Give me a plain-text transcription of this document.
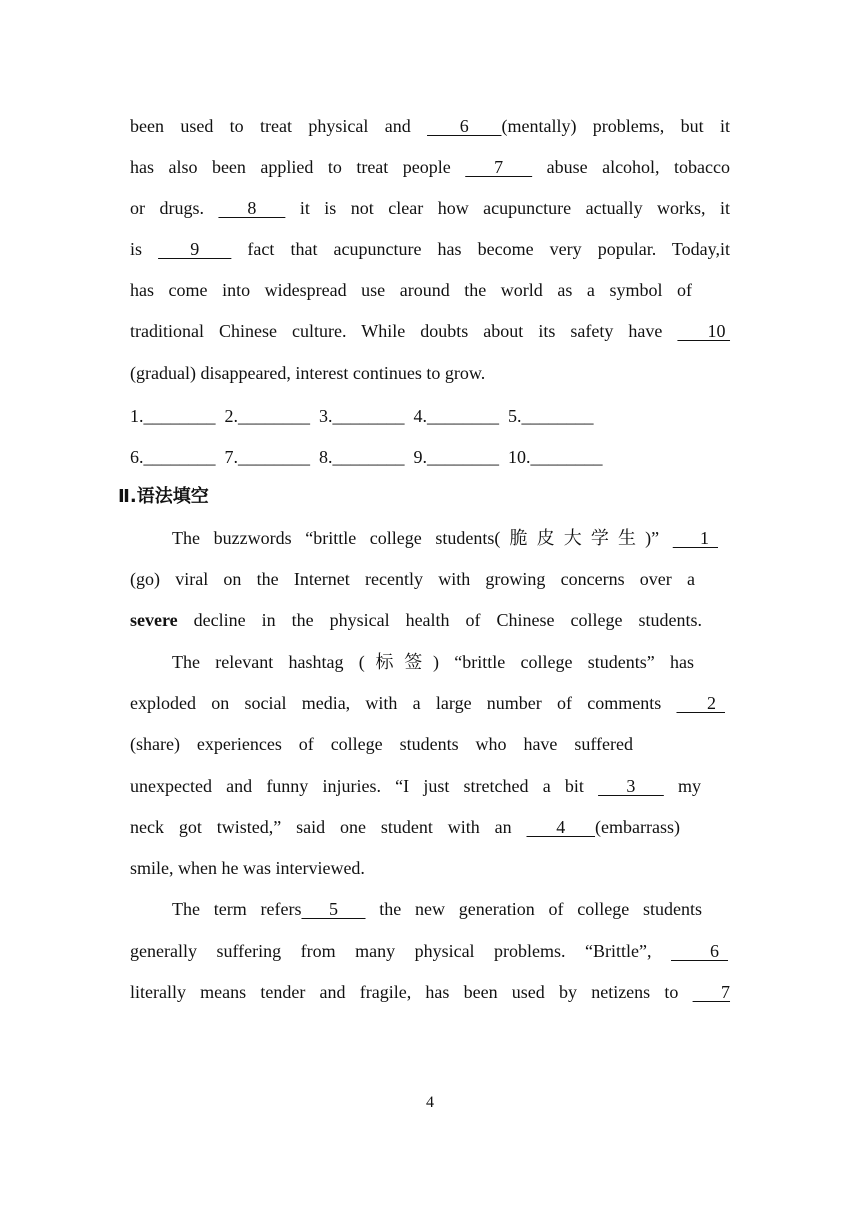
been used to treat physical and   6  (mentally) problems, but it
has also been applied to treat people   7   abuse alcohol, tobacco
or drugs.   8   it is not clear how acupuncture actually works, it
is   9   fact that acupuncture has become very popular. Today,it
has come into widespread use around the world as a symbol of
traditional Chinese culture. While doubts about its safety have   10
(gradual) disappeared, interest continues to grow.
1.________  2.________  3.________  4.________  5.________
6.________  7.________  8.________  9.________  10.________
Ⅱ.语法填空
The buzzwords “brittle college students(脆皮大学生)”   1
(go) viral on the Internet recently with growing concerns over a
severe decline in the physical health of Chinese college students.
The relevant hashtag (标签) “brittle college students” has
exploded on social media, with a large number of comments   2
(share) experiences of college students who have suffered
unexpected and funny injuries. “I just stretched a bit   3   my
neck got twisted,” said one student with an   4  (embarrass)
smile, when he was interviewed.
The term refers  5   the new generation of college students
generally suffering from many physical problems. “Brittle”,   6
literally means tender and fragile, has been used by netizens to   7
4
